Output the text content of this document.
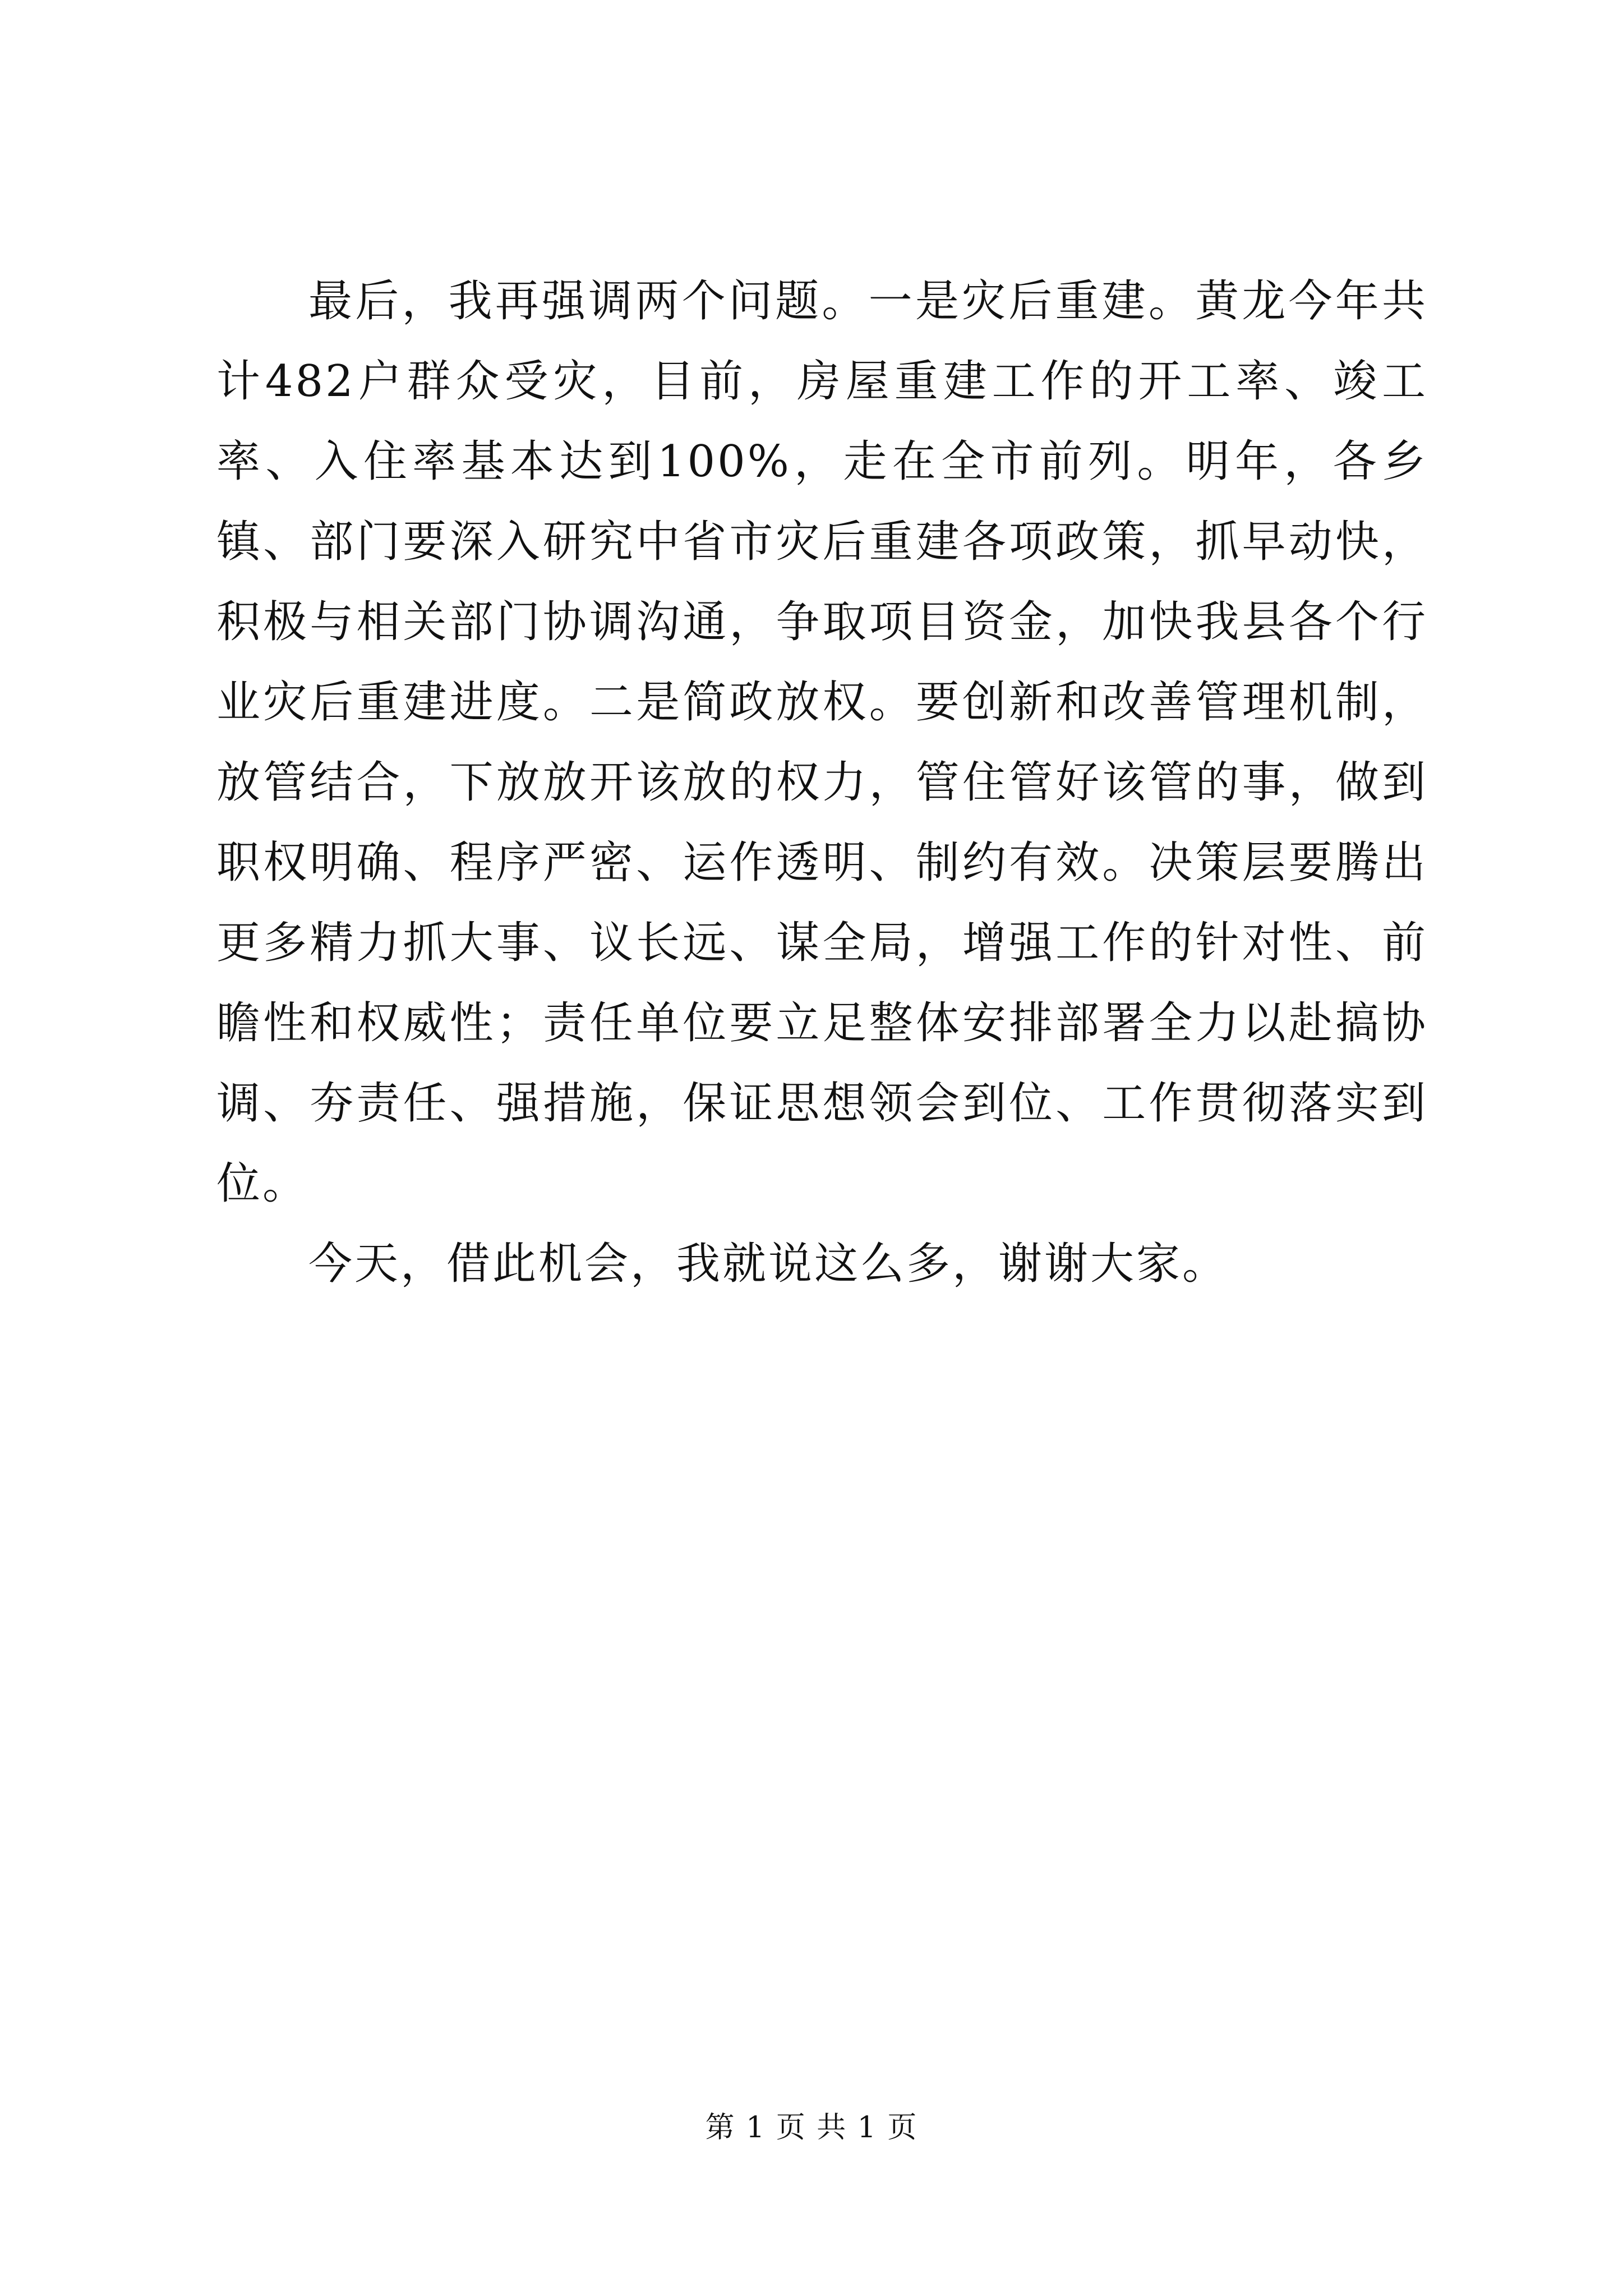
最后，我再强调两个问题。一是灾后重建。黄龙今年共计482户群众受灾，目前，房屋重建工作的开工率、竣工率、入住率基本达到100%，走在全市前列。明年，各乡镇、部门要深入研究中省市灾后重建各项政策，抓早动快，积极与相关部门协调沟通，争取项目资金，加快我县各个行业灾后重建进度。二是简政放权。要创新和改善管理机制，放管结合，下放放开该放的权力，管住管好该管的事，做到职权明确、程序严密、运作透明、制约有效。决策层要腾出更多精力抓大事、议长远、谋全局，增强工作的针对性、前瞻性和权威性；责任单位要立足整体安排部署全力以赴搞协调、夯责任、强措施，保证思想领会到位、工作贯彻落实到位。

今天，借此机会，我就说这么多，谢谢大家。

第 1 页 共 1 页
